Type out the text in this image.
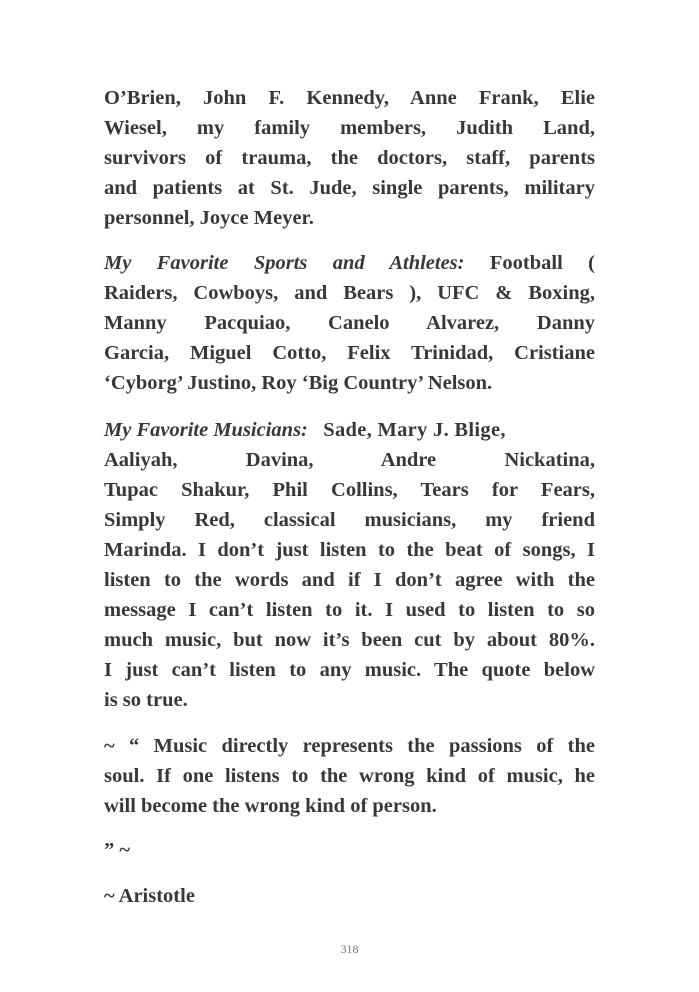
O’Brien, John F. Kennedy, Anne Frank, Elie
Wiesel, my family members, Judith Land,
survivors of trauma, the doctors, staff, parents
and patients at St. Jude, single parents, military
personnel, Joyce Meyer.

My Favorite Sports and Athletes: Football (
Raiders, Cowboys, and Bears ), UFC & Boxing,
Manny Pacquiao, Canelo Alvarez, Danny
Garcia, Miguel Cotto, Felix Trinidad, Cristiane
‘Cyborg’ Justino, Roy ‘Big Country’ Nelson.

My Favorite Musicians: Sade, Mary J. Blige,
Aaliyah, Davina, Andre Nickatina,
Tupac Shakur, Phil Collins, Tears for Fears,
Simply Red, classical musicians, my friend
Marinda. I don’t just listen to the beat of songs, I
listen to the words and if I don’t agree with the
message I can’t listen to it. I used to listen to so
much music, but now it’s been cut by about 80%.
I just can’t listen to any music. The quote below
is so true.

~ “ Music directly represents the passions of the
soul. If one listens to the wrong kind of music, he
will become the wrong kind of person.

” ~

~ Aristotle

318
